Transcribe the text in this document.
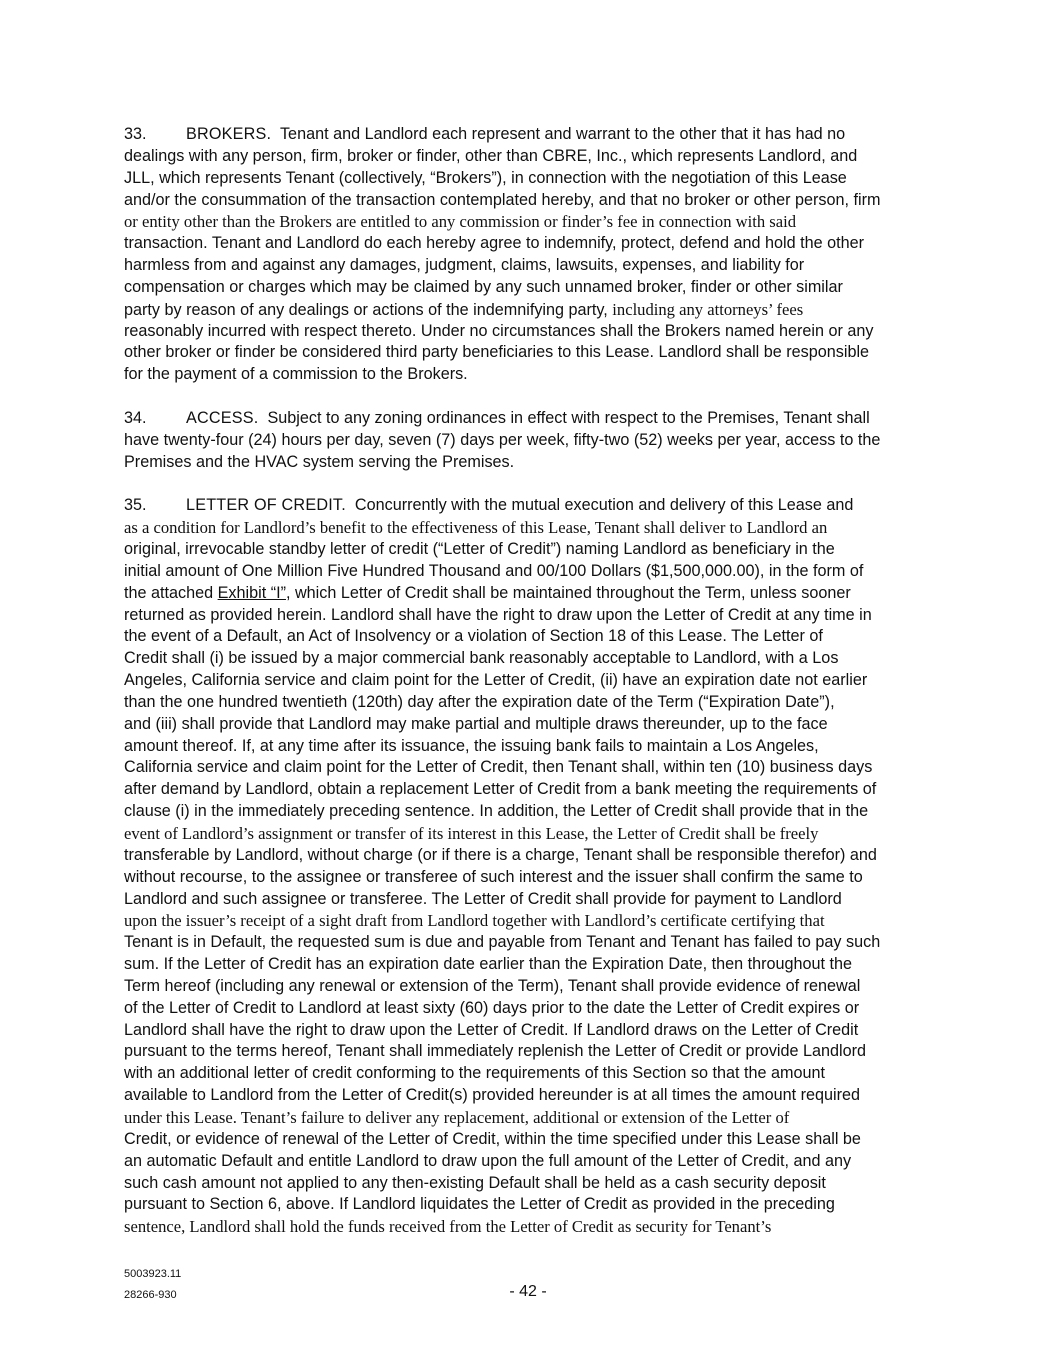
33. BROKERS. Tenant and Landlord each represent and warrant to the other that it has had no
dealings with any person, firm, broker or finder, other than CBRE, Inc., which represents Landlord, and
JLL, which represents Tenant (collectively, “Brokers”), in connection with the negotiation of this Lease
and/or the consummation of the transaction contemplated hereby, and that no broker or other person, firm
or entity other than the Brokers are entitled to any commission or finder’s fee in connection with said
transaction. Tenant and Landlord do each hereby agree to indemnify, protect, defend and hold the other
harmless from and against any damages, judgment, claims, lawsuits, expenses, and liability for
compensation or charges which may be claimed by any such unnamed broker, finder or other similar
party by reason of any dealings or actions of the indemnifying party, including any attorneys’ fees
reasonably incurred with respect thereto. Under no circumstances shall the Brokers named herein or any
other broker or finder be considered third party beneficiaries to this Lease. Landlord shall be responsible
for the payment of a commission to the Brokers.
34. ACCESS. Subject to any zoning ordinances in effect with respect to the Premises, Tenant shall
have twenty-four (24) hours per day, seven (7) days per week, fifty-two (52) weeks per year, access to the
Premises and the HVAC system serving the Premises.
35. LETTER OF CREDIT. Concurrently with the mutual execution and delivery of this Lease and
as a condition for Landlord’s benefit to the effectiveness of this Lease, Tenant shall deliver to Landlord an
original, irrevocable standby letter of credit (“Letter of Credit”) naming Landlord as beneficiary in the
initial amount of One Million Five Hundred Thousand and 00/100 Dollars ($1,500,000.00), in the form of
the attached Exhibit “I”, which Letter of Credit shall be maintained throughout the Term, unless sooner
returned as provided herein. Landlord shall have the right to draw upon the Letter of Credit at any time in
the event of a Default, an Act of Insolvency or a violation of Section 18 of this Lease. The Letter of
Credit shall (i) be issued by a major commercial bank reasonably acceptable to Landlord, with a Los
Angeles, California service and claim point for the Letter of Credit, (ii) have an expiration date not earlier
than the one hundred twentieth (120th) day after the expiration date of the Term (“Expiration Date”),
and (iii) shall provide that Landlord may make partial and multiple draws thereunder, up to the face
amount thereof. If, at any time after its issuance, the issuing bank fails to maintain a Los Angeles,
California service and claim point for the Letter of Credit, then Tenant shall, within ten (10) business days
after demand by Landlord, obtain a replacement Letter of Credit from a bank meeting the requirements of
clause (i) in the immediately preceding sentence. In addition, the Letter of Credit shall provide that in the
event of Landlord’s assignment or transfer of its interest in this Lease, the Letter of Credit shall be freely
transferable by Landlord, without charge (or if there is a charge, Tenant shall be responsible therefor) and
without recourse, to the assignee or transferee of such interest and the issuer shall confirm the same to
Landlord and such assignee or transferee. The Letter of Credit shall provide for payment to Landlord
upon the issuer’s receipt of a sight draft from Landlord together with Landlord’s certificate certifying that
Tenant is in Default, the requested sum is due and payable from Tenant and Tenant has failed to pay such
sum. If the Letter of Credit has an expiration date earlier than the Expiration Date, then throughout the
Term hereof (including any renewal or extension of the Term), Tenant shall provide evidence of renewal
of the Letter of Credit to Landlord at least sixty (60) days prior to the date the Letter of Credit expires or
Landlord shall have the right to draw upon the Letter of Credit. If Landlord draws on the Letter of Credit
pursuant to the terms hereof, Tenant shall immediately replenish the Letter of Credit or provide Landlord
with an additional letter of credit conforming to the requirements of this Section so that the amount
available to Landlord from the Letter of Credit(s) provided hereunder is at all times the amount required
under this Lease. Tenant’s failure to deliver any replacement, additional or extension of the Letter of
Credit, or evidence of renewal of the Letter of Credit, within the time specified under this Lease shall be
an automatic Default and entitle Landlord to draw upon the full amount of the Letter of Credit, and any
such cash amount not applied to any then-existing Default shall be held as a cash security deposit
pursuant to Section 6, above. If Landlord liquidates the Letter of Credit as provided in the preceding
sentence, Landlord shall hold the funds received from the Letter of Credit as security for Tenant’s
5003923.11
28266-930	- 42 -
